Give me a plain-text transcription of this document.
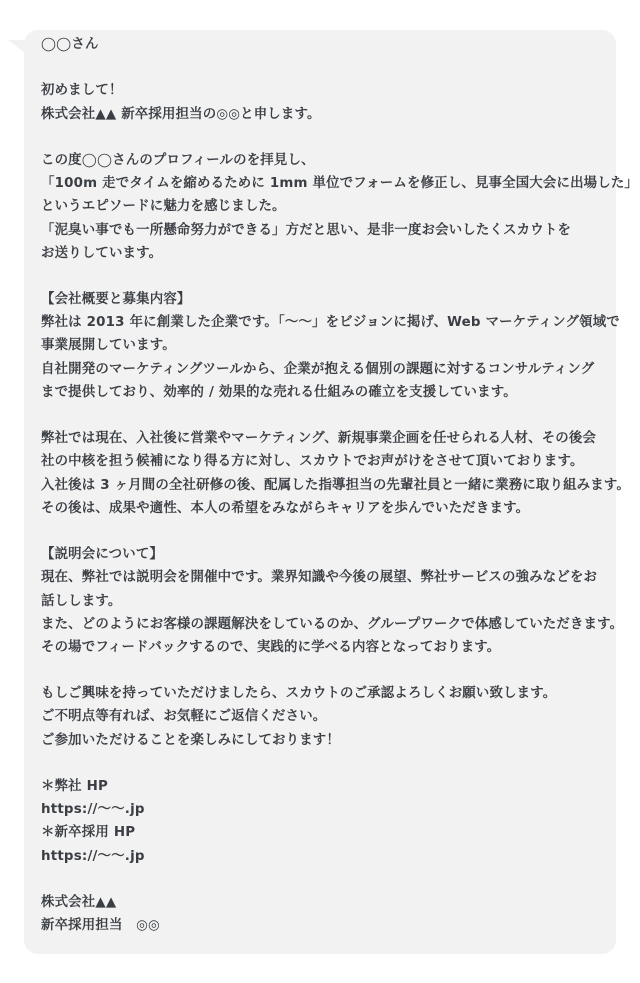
◯◯さん
初めまして！
株式会社▲▲ 新卒採用担当の◎◎と申します。
この度◯◯さんのプロフィールのを拝見し、
「100m 走でタイムを縮めるために 1mm 単位でフォームを修正し、見事全国大会に出場した」
というエピソードに魅力を感じました。
「泥臭い事でも一所懸命努力ができる」方だと思い、是非一度お会いしたくスカウトを
お送りしています。
【会社概要と募集内容】
弊社は 2013 年に創業した企業です。「〜〜」をビジョンに掲げ、Web マーケティング領域で
事業展開しています。
自社開発のマーケティングツールから、企業が抱える個別の課題に対するコンサルティング
まで提供しており、効率的 / 効果的な売れる仕組みの確立を支援しています。
弊社では現在、入社後に営業やマーケティング、新規事業企画を任せられる人材、その後会
社の中核を担う候補になり得る方に対し、スカウトでお声がけをさせて頂いております。
入社後は 3 ヶ月間の全社研修の後、配属した指導担当の先輩社員と一緒に業務に取り組みます。
その後は、成果や適性、本人の希望をみながらキャリアを歩んでいただきます。
【説明会について】
現在、弊社では説明会を開催中です。業界知識や今後の展望、弊社サービスの強みなどをお
話しします。
また、どのようにお客様の課題解決をしているのか、グループワークで体感していただきます。
その場でフィードバックするので、実践的に学べる内容となっております。
もしご興味を持っていただけましたら、スカウトのご承認よろしくお願い致します。
ご不明点等有れば、お気軽にご返信ください。
ご参加いただけることを楽しみにしております！
＊弊社 HP
https://〜〜.jp
＊新卒採用 HP
https://〜〜.jp
株式会社▲▲
新卒採用担当　◎◎
